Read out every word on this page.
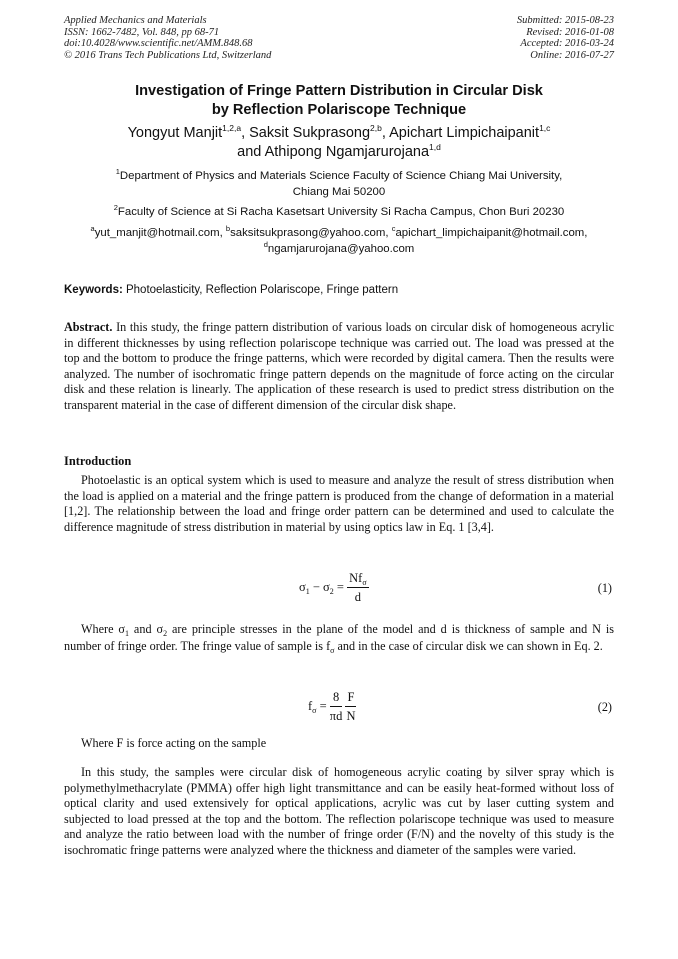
Applied Mechanics and Materials
ISSN: 1662-7482, Vol. 848, pp 68-71
doi:10.4028/www.scientific.net/AMM.848.68
© 2016 Trans Tech Publications Ltd, Switzerland
Submitted: 2015-08-23
Revised: 2016-01-08
Accepted: 2016-03-24
Online: 2016-07-27
Investigation of Fringe Pattern Distribution in Circular Disk
by Reflection Polariscope Technique
Yongyut Manjit$^{1,2,a}$, Saksit Sukprasong$^{2,b}$, Apichart Limpichaipanit$^{1,c}$
and Athipong Ngamjarurojana$^{1,d}$
$^1$Department of Physics and Materials Science Faculty of Science Chiang Mai University,
Chiang Mai 50200
$^2$Faculty of Science at Si Racha Kasetsart University Si Racha Campus, Chon Buri 20230
$^a$yut_manjit@hotmail.com, $^b$saksitsukprasong@yahoo.com, $^c$apichart_limpichaipanit@hotmail.com,
$^d$ngamjarurojana@yahoo.com
Keywords: Photoelasticity, Reflection Polariscope, Fringe pattern
Abstract. In this study, the fringe pattern distribution of various loads on circular disk of homogeneous acrylic in different thicknesses by using reflection polariscope technique was carried out. The load was pressed at the top and the bottom to produce the fringe patterns, which were recorded by digital camera. Then the results were analyzed. The number of isochromatic fringe pattern depends on the magnitude of force acting on the circular disk and these relation is linearly. The application of these research is used to predict stress distribution on the transparent material in the case of different dimension of the circular disk shape.
Introduction
Photoelastic is an optical system which is used to measure and analyze the result of stress distribution when the load is applied on a material and the fringe pattern is produced from the change of deformation in a material [1,2]. The relationship between the load and fringe order pattern can be determined and used to calculate the difference magnitude of stress distribution in material by using optics law in Eq. 1 [3,4].
$\sigma_1 - \sigma_2 = \frac{Nf_\sigma}{d}$	(1)
Where $\sigma_1$ and $\sigma_2$ are principle stresses in the plane of the model and d is thickness of sample and N is number of fringe order. The fringe value of sample is $f_\sigma$ and in the case of circular disk we can shown in Eq. 2.
$f_\sigma = \frac{8}{\pi d}$
$\frac{F}{N}$	(2)
Where F is force acting on the sample
In this study, the samples were circular disk of homogeneous acrylic coating by silver spray which is polymethylmethacrylate (PMMA) offer high light transmittance and can be easily heat-formed without loss of optical clarity and used extensively for optical applications, acrylic was cut by laser cutting system and subjected to load pressed at the top and the bottom. The reflection polariscope technique was used to measure and analyze the ratio between load with the number of fringe order (F/N) and the novelty of this study is the isochromatic fringe patterns were analyzed where the thickness and diameter of the samples were varied.
